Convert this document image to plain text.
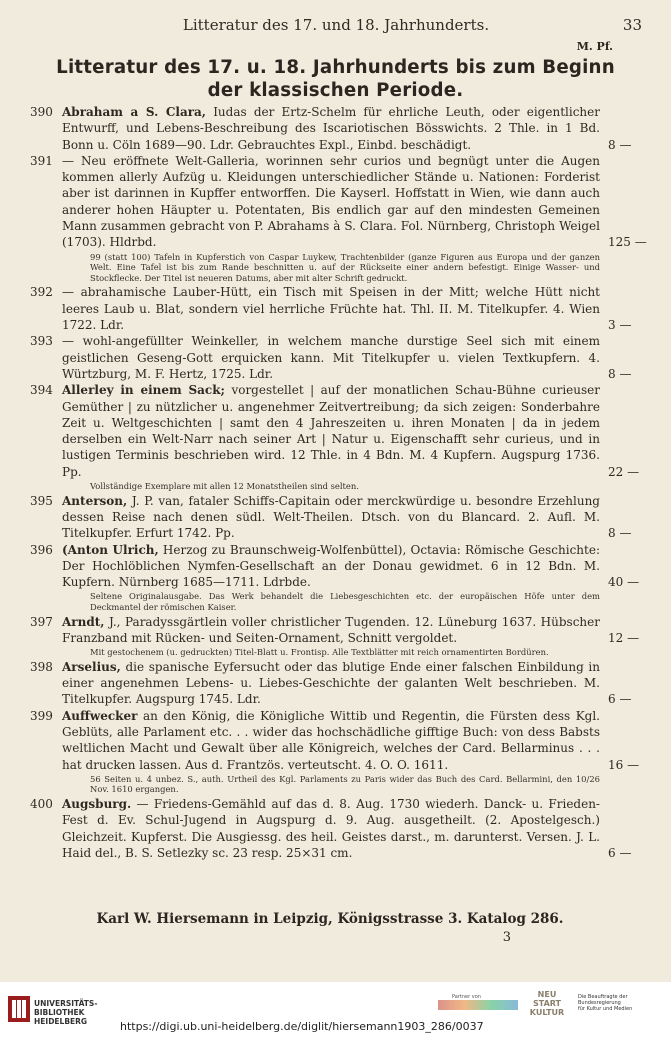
Litteratur des 17. und 18. Jahrhunderts.	33
M. Pf.
Litteratur des 17. u. 18. Jahrhunderts bis zum Beginn
der klassischen Periode.
390 Abraham a S. Clara, Iudas der Ertz-Schelm für ehrliche Leuth, oder eigentlicher Entwurff, und Lebens-Beschreibung des Iscariotischen Bösswichts. 2 Thle. in 1 Bd. Bonn u. Cöln 1689—90. Ldr. Gebrauchtes Expl., Einbd. beschädigt.	8 —
391 — Neu eröffnete Welt-Galleria, worinnen sehr curios und begnügt unter die Augen kommen allerly Aufzüg u. Kleidungen unterschiedlicher Stände u. Nationen: Forderist aber ist darinnen in Kupffer entworffen. Die Kayserl. Hoffstatt in Wien, wie dann auch anderer hohen Häupter u. Potentaten, Bis endlich gar auf den mindesten Gemeinen Mann zusammen gebracht von P. Abrahams à S. Clara. Fol. Nürnberg, Christoph Weigel (1703). Hldrbd.	125 —
99 (statt 100) Tafeln in Kupferstich von Caspar Luykew, Trachtenbilder (ganze Figuren aus Europa und der ganzen Welt. Eine Tafel ist bis zum Rande beschnitten u. auf der Rückseite einer andern befestigt. Einige Wasser- und Stockflecke. Der Titel ist neueren Datums, aber mit alter Schrift gedruckt.
392 — abrahamische Lauber-Hütt, ein Tisch mit Speisen in der Mitt; welche Hütt nicht leeres Laub u. Blat, sondern viel herrliche Früchte hat. Thl. II. M. Titelkupfer. 4. Wien 1722. Ldr.	3 —
393 — wohl-angefüllter Weinkeller, in welchem manche durstige Seel sich mit einem geistlichen Geseng-Gott erquicken kann. Mit Titelkupfer u. vielen Textkupfern. 4. Würtzburg, M. F. Hertz, 1725. Ldr.	8 —
394 Allerley in einem Sack; vorgestellet | auf der monatlichen Schau-Bühne curieuser Gemüther | zu nützlicher u. angenehmer Zeitvertreibung; da sich zeigen: Sonderbahre Zeit u. Weltgeschichten | samt den 4 Jahreszeiten u. ihren Monaten | da in jedem derselben ein Welt-Narr nach seiner Art | Natur u. Eigenschafft sehr curieus, und in lustigen Terminis beschrieben wird. 12 Thle. in 4 Bdn. M. 4 Kupfern. Augspurg 1736. Pp.	22 —
Vollständige Exemplare mit allen 12 Monatstheilen sind selten.
395 Anterson, J. P. van, fataler Schiffs-Capitain oder merckwürdige u. besondre Erzehlung dessen Reise nach denen südl. Welt-Theilen. Dtsch. von du Blancard. 2. Aufl. M. Titelkupfer. Erfurt 1742. Pp.	8 —
396 (Anton Ulrich, Herzog zu Braunschweig-Wolfenbüttel), Octavia: Römische Geschichte: Der Hochlöblichen Nymfen-Gesellschaft an der Donau gewidmet. 6 in 12 Bdn. M. Kupfern. Nürnberg 1685—1711. Ldrbde.	40 —
Seltene Originalausgabe. Das Werk behandelt die Liebesgeschichten etc. der europäischen Höfe unter dem Deckmantel der römischen Kaiser.
397 Arndt, J., Paradyssgärtlein voller christlicher Tugenden. 12. Lüneburg 1637. Hübscher Franzband mit Rücken- und Seiten-Ornament, Schnitt vergoldet.	12 —
Mit gestochenem (u. gedruckten) Titel-Blatt u. Frontisp. Alle Textblätter mit reich ornamentirten Bordüren.
398 Arselius, die spanische Eyfersucht oder das blutige Ende einer falschen Einbildung in einer angenehmen Lebens- u. Liebes-Geschichte der galanten Welt beschrieben. M. Titelkupfer. Augspurg 1745. Ldr.	6 —
399 Auffwecker an den König, die Königliche Wittib und Regentin, die Fürsten dess Kgl. Geblüts, alle Parlament etc. . . wider das hochschädliche gifftige Buch: von dess Babsts weltlichen Macht und Gewalt über alle Königreich, welches der Card. Bellarminus . . . hat drucken lassen. Aus d. Frantzös. verteutscht. 4. O. O. 1611.	16 —
56 Seiten u. 4 unbez. S., auth. Urtheil des Kgl. Parlaments zu Paris wider das Buch des Card. Bellarmini, den 10/26 Nov. 1610 ergangen.
400 Augsburg. — Friedens-Gemähld auf das d. 8. Aug. 1730 wiederh. Danck- u. Frieden-Fest d. Ev. Schul-Jugend in Augspurg d. 9. Aug. ausgetheilt. (2. Apostelgesch.) Gleichzeit. Kupferst. Die Ausgiessg. des heil. Geistes darst., m. darunterst. Versen. J. L. Haid del., B. S. Setlezky sc. 23 resp. 25×31 cm.	6 —
Karl W. Hiersemann in Leipzig, Königsstrasse 3. Katalog 286.
3
UNIVERSITÄTS-
BIBLIOTHEK
HEIDELBERG
Partner von	NEU
START
KULTUR
Die Beauftragte der Bundesregierung
für Kultur und Medien
https://digi.ub.uni-heidelberg.de/diglit/hiersemann1903_286/0037
